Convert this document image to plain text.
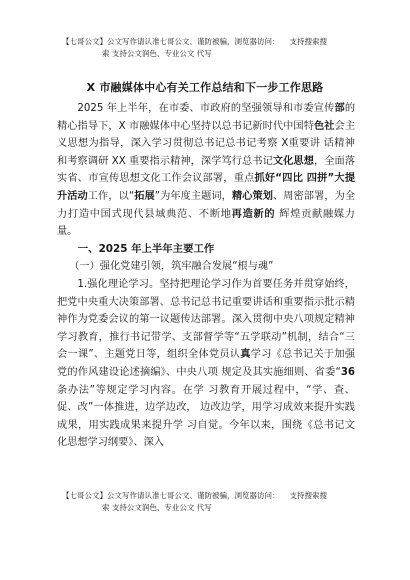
【七哥公文】公文写作请认准七哥公文、谨防被骗，浏览器访问： 支持搜索搜
索 支持公文润色、专业公文 代写
X 市融媒体中心有关工作总结和下一步工作思路

2025 年上半年，在市委、市政府的坚强领导和市委宣传部的精心指导下，X 市融媒体中心坚持以总书记新时代中国特色社会主义思想为指导，深入学习贯彻总书记总书记考察 X重要讲 话精神和考察调研 XX 重要指示精神，深学笃行总书记文化思想，全面落实省、市宣传思想文化工作会议部署，重点抓好“四比 四拼”大提升活动工作，以“拓展”为年度主题词，精心策划、周密部署，为全力打造中国式现代县域典范、不断地再造新的 辉煌贡献融媒力量。

一、2025 年上半年主要工作

（一）强化党建引领，筑牢融合发展“根与魂”

1.强化理论学习。坚持把理论学习作为首要任务并贯穿始终，把党中央重大决策部署、总书记总书记重要讲话和重要指示批示精神作为党委会议的第一议题传达部署。深入贯彻中央八项规定精神学习教育，推行书记带学、支部督学等“五学联动”机制，结合“三会一课”、主题党日等，组织全体党员认真学习《总书记关于加强党的作风建设论述摘编》、中央八项 规定及其实施细则、省委“36 条办法”等规定学习内容。在学 习教育开展过程中，“学、查、促、改”一体推进，边学边改， 边改边学，用学习成效来提升实践成果，用实践成果来提升学 习自觉。今年以来，围绕《总书记文化思想学习纲要》、深入

【七哥公文】公文写作请认准七哥公文、谨防被骗，浏览器访问： 支持搜索搜
索 支持公文润色、专业公文 代写
